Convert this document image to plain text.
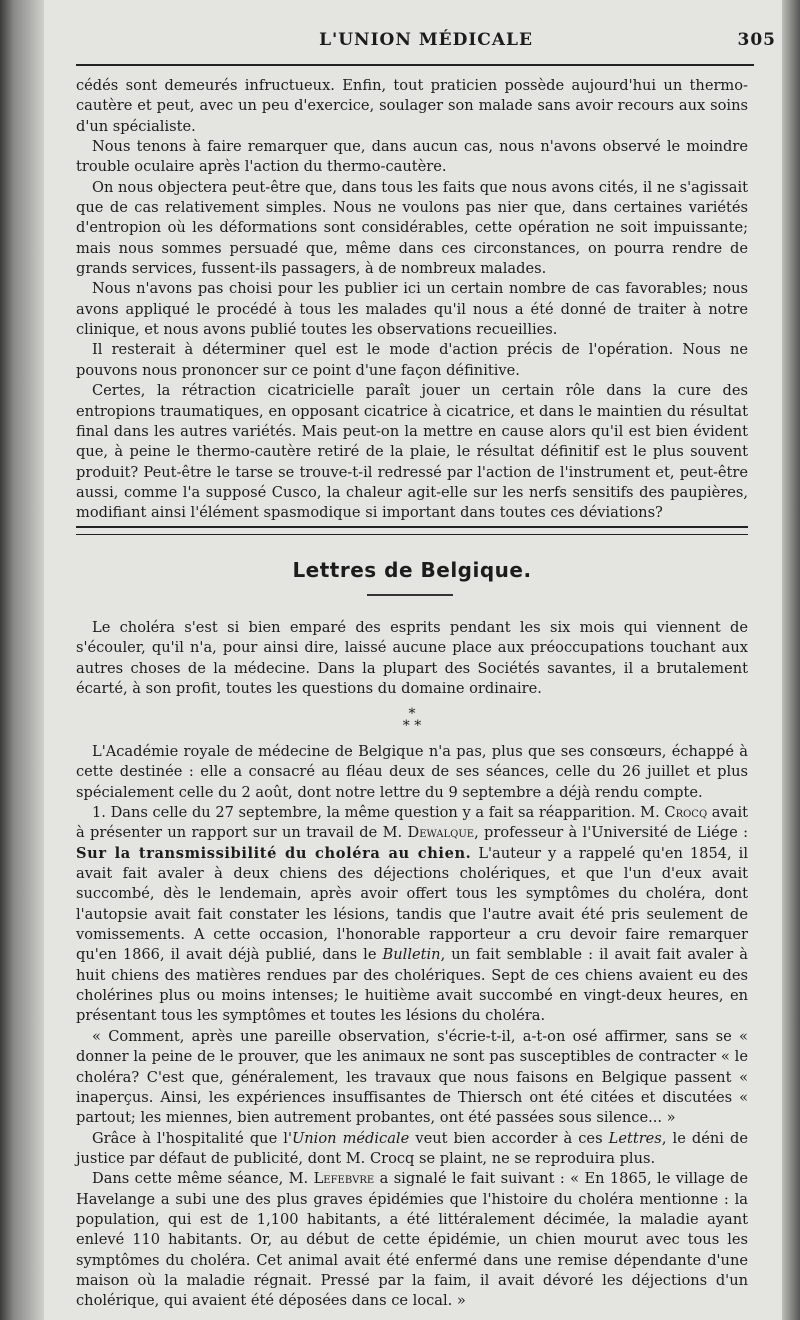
L'UNION MÉDICALE	305

cédés sont demeurés infructueux. Enfin, tout praticien possède aujourd'hui un thermo-cautère et peut, avec un peu d'exercice, soulager son malade sans avoir recours aux soins d'un spécialiste.

Nous tenons à faire remarquer que, dans aucun cas, nous n'avons observé le moindre trouble oculaire après l'action du thermo-cautère.

On nous objectera peut-être que, dans tous les faits que nous avons cités, il ne s'agissait que de cas relativement simples. Nous ne voulons pas nier que, dans certaines variétés d'entropion où les déformations sont considérables, cette opération ne soit impuissante; mais nous sommes persuadé que, même dans ces circonstances, on pourra rendre de grands services, fussent-ils passagers, à de nombreux malades.

Nous n'avons pas choisi pour les publier ici un certain nombre de cas favorables; nous avons appliqué le procédé à tous les malades qu'il nous a été donné de traiter à notre clinique, et nous avons publié toutes les observations recueillies.

Il resterait à déterminer quel est le mode d'action précis de l'opération. Nous ne pouvons nous prononcer sur ce point d'une façon définitive.

Certes, la rétraction cicatricielle paraît jouer un certain rôle dans la cure des entropions traumatiques, en opposant cicatrice à cicatrice, et dans le maintien du résultat final dans les autres variétés. Mais peut-on la mettre en cause alors qu'il est bien évident que, à peine le thermo-cautère retiré de la plaie, le résultat définitif est le plus souvent produit? Peut-être le tarse se trouve-t-il redressé par l'action de l'instrument et, peut-être aussi, comme l'a supposé Cusco, la chaleur agit-elle sur les nerfs sensitifs des paupières, modifiant ainsi l'élément spasmodique si important dans toutes ces déviations?

Lettres de Belgique.

Le choléra s'est si bien emparé des esprits pendant les six mois qui viennent de s'écouler, qu'il n'a, pour ainsi dire, laissé aucune place aux préoccupations touchant aux autres choses de la médecine. Dans la plupart des Sociétés savantes, il a brutalement écarté, à son profit, toutes les questions du domaine ordinaire.

*
* *

L'Académie royale de médecine de Belgique n'a pas, plus que ses consœurs, échappé à cette destinée : elle a consacré au fléau deux de ses séances, celle du 26 juillet et plus spécialement celle du 2 août, dont notre lettre du 9 septembre a déjà rendu compte.

1. Dans celle du 27 septembre, la même question y a fait sa réapparition. M. Crocq avait à présenter un rapport sur un travail de M. Dewalque, professeur à l'Université de Liége : Sur la transmissibilité du choléra au chien. L'auteur y a rappelé qu'en 1854, il avait fait avaler à deux chiens des déjections cholériques, et que l'un d'eux avait succombé, dès le lendemain, après avoir offert tous les symptômes du choléra, dont l'autopsie avait fait constater les lésions, tandis que l'autre avait été pris seulement de vomissements. A cette occasion, l'honorable rapporteur a cru devoir faire remarquer qu'en 1866, il avait déjà publié, dans le Bulletin, un fait semblable : il avait fait avaler à huit chiens des matières rendues par des cholériques. Sept de ces chiens avaient eu des cholérines plus ou moins intenses; le huitième avait succombé en vingt-deux heures, en présentant tous les symptômes et toutes les lésions du choléra.

« Comment, après une pareille observation, s'écrie-t-il, a-t-on osé affirmer, sans se « donner la peine de le prouver, que les animaux ne sont pas susceptibles de contracter « le choléra? C'est que, généralement, les travaux que nous faisons en Belgique passent « inaperçus. Ainsi, les expériences insuffisantes de Thiersch ont été citées et discutées « partout; les miennes, bien autrement probantes, ont été passées sous silence... »

Grâce à l'hospitalité que l'Union médicale veut bien accorder à ces Lettres, le déni de justice par défaut de publicité, dont M. Crocq se plaint, ne se reproduira plus.

Dans cette même séance, M. Lefebvre a signalé le fait suivant : « En 1865, le village de Havelange a subi une des plus graves épidémies que l'histoire du choléra mentionne : la population, qui est de 1,100 habitants, a été littéralement décimée, la maladie ayant enlevé 110 habitants. Or, au début de cette épidémie, un chien mourut avec tous les symptômes du choléra. Cet animal avait été enfermé dans une remise dépendante d'une maison où la maladie régnait. Pressé par la faim, il avait dévoré les déjections d'un cholérique, qui avaient été déposées dans ce local. »
